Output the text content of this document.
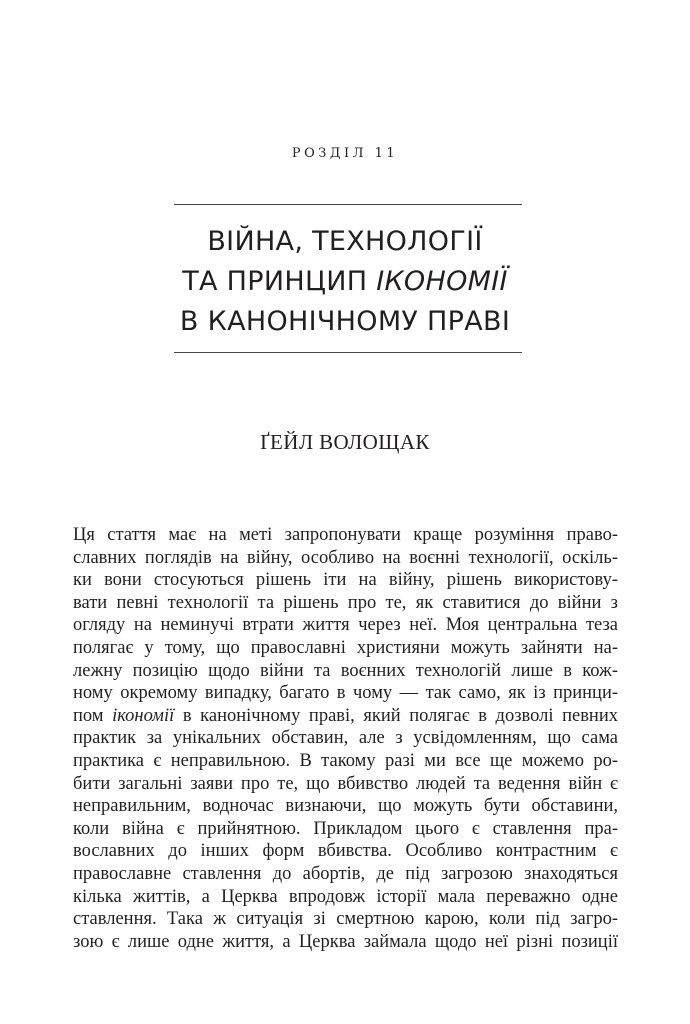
РОЗДІЛ 11
ВІЙНА, ТЕХНОЛОГІЇ
ТА ПРИНЦИП ІКОНОМІЇ
В КАНОНІЧНОМУ ПРАВІ
ҐЕЙЛ ВОЛОЩАК
Ця стаття має на меті запропонувати краще розуміння право-
славних поглядів на війну, особливо на воєнні технології, оскіль-
ки вони стосуються рішень іти на війну, рішень використову-
вати певні технології та рішень про те, як ставитися до війни з
огляду на неминучі втрати життя через неї. Моя центральна теза
полягає у тому, що православні християни можуть зайняти на-
лежну позицію щодо війни та воєнних технологій лише в кож-
ному окремому випадку, багато в чому — так само, як із принци-
пом ікономії в канонічному праві, який полягає в дозволі певних
практик за унікальних обставин, але з усвідомленням, що сама
практика є неправильною. В такому разі ми все ще можемо ро-
бити загальні заяви про те, що вбивство людей та ведення війн є
неправильним, водночас визнаючи, що можуть бути обставини,
коли війна є прийнятною. Прикладом цього є ставлення пра-
вославних до інших форм вбивства. Особливо контрастним є
православне ставлення до абортів, де під загрозою знаходяться
кілька життів, а Церква впродовж історії мала переважно одне
ставлення. Така ж ситуація зі смертною карою, коли під загро-
зою є лише одне життя, а Церква займала щодо неї різні позиції
